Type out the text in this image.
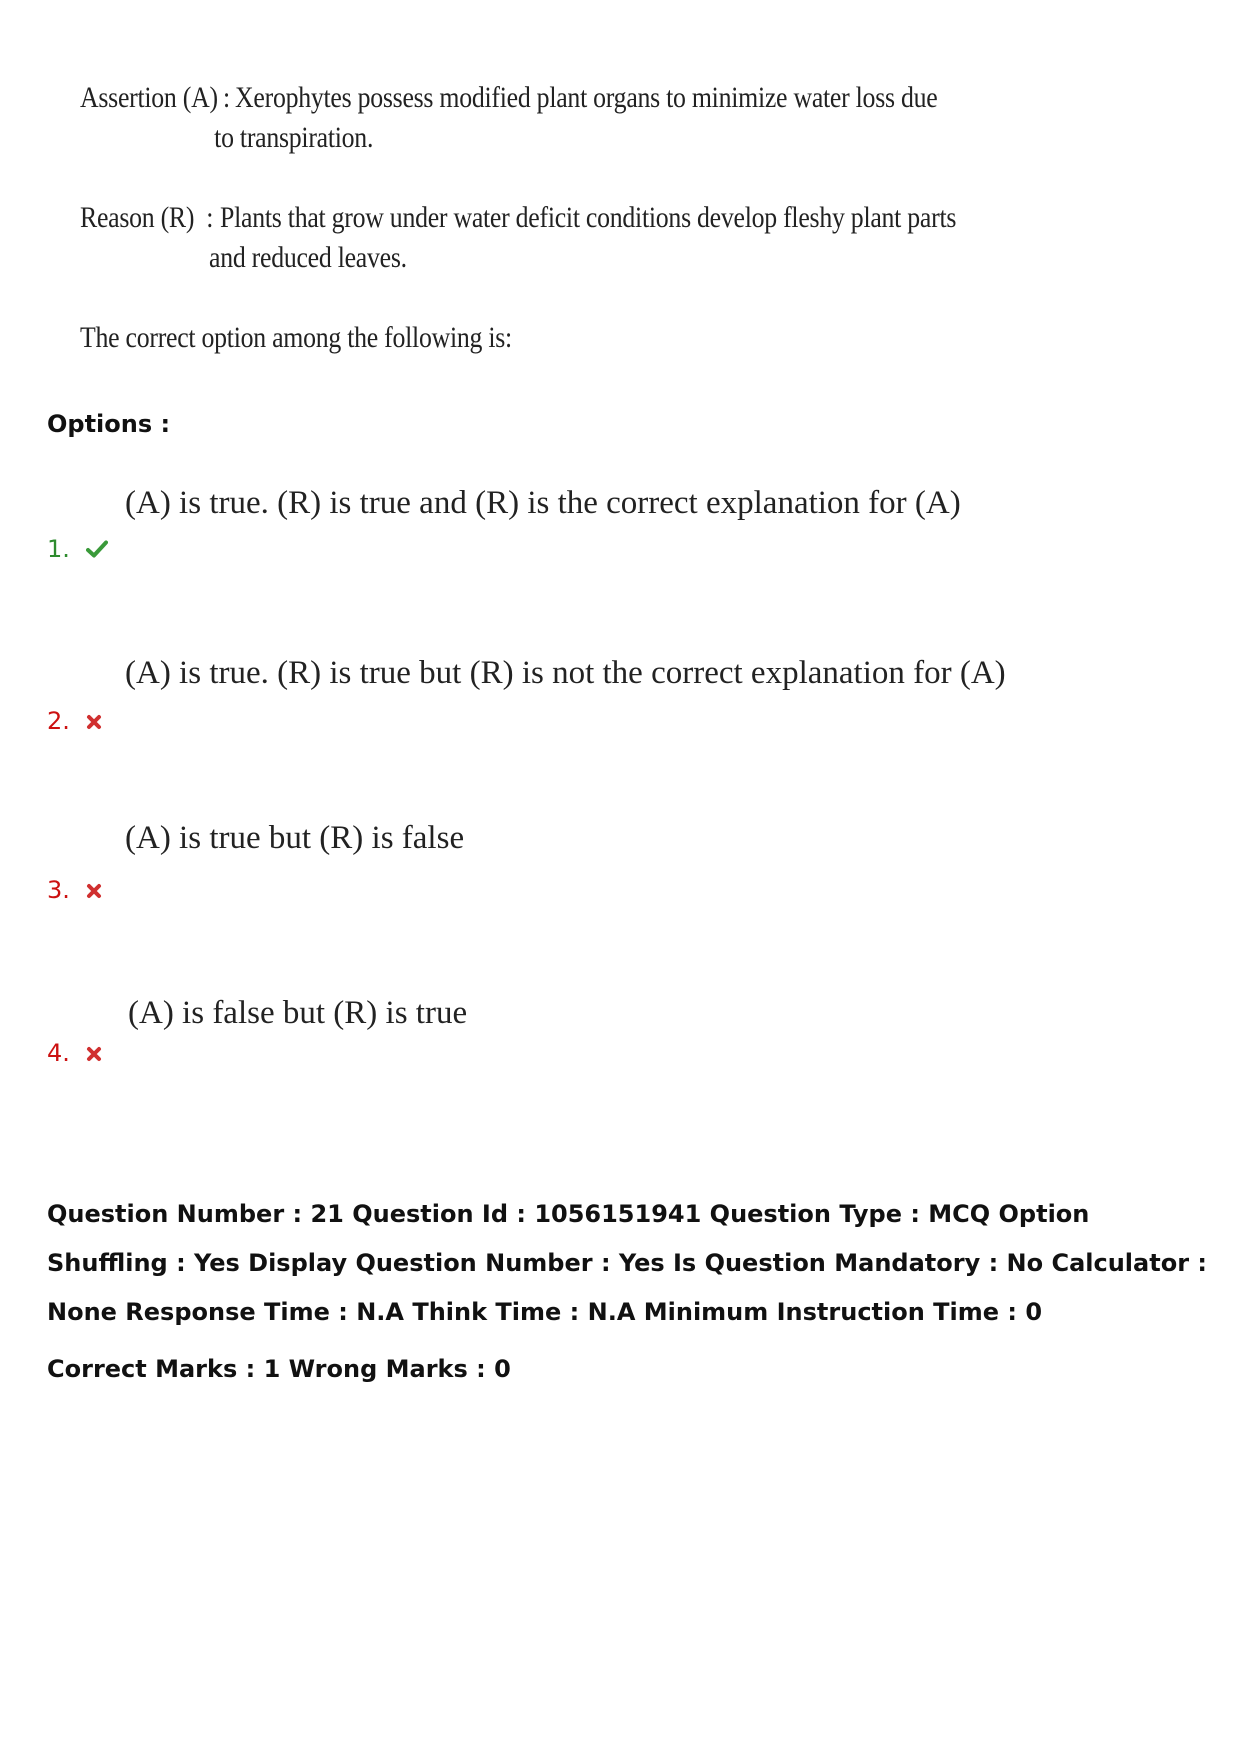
Assertion (A) : Xerophytes possess modified plant organs to minimize water loss due
to transpiration.
Reason (R) : Plants that grow under water deficit conditions develop fleshy plant parts
and reduced leaves.
The correct option among the following is:
Options :
(A) is true. (R) is true and (R) is the correct explanation for (A)
1.
(A) is true. (R) is true but (R) is not the correct explanation for (A)
2.
(A) is true but (R) is false
3.
(A) is false but (R) is true
4.
Question Number : 21 Question Id : 1056151941 Question Type : MCQ Option Shuffling : Yes Display Question Number : Yes Is Question Mandatory : No Calculator : None Response Time : N.A Think Time : N.A Minimum Instruction Time : 0
Correct Marks : 1 Wrong Marks : 0
